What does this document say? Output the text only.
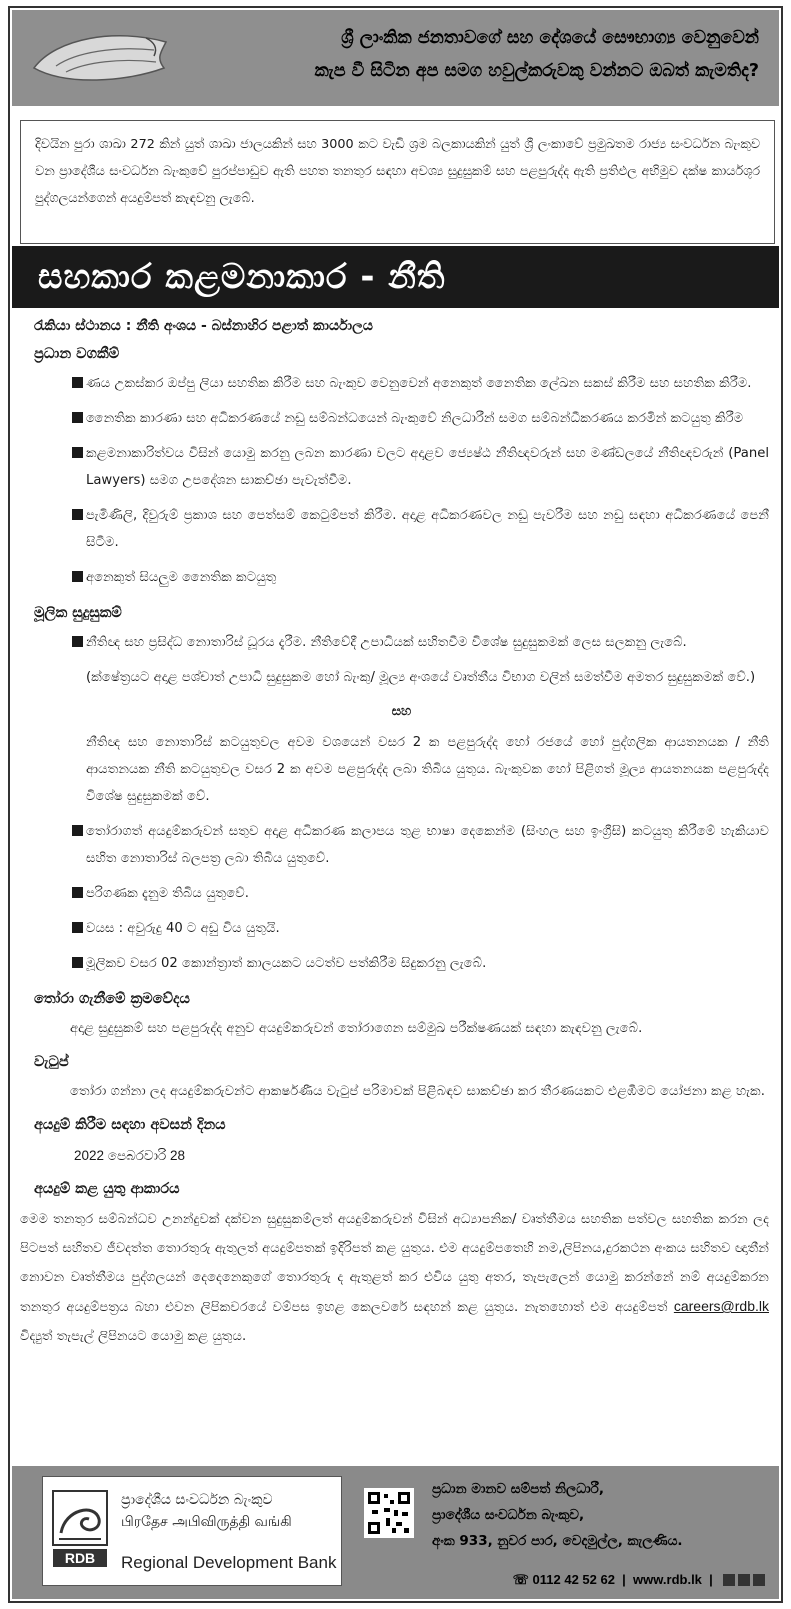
ශ්‍රී ලාංකික ජනතාවගේ සහ දේශයේ සෞභාග්‍ය වෙනුවෙන්
කැප වී සිටින අප සමග හවුල්කරුවකු වන්නට ඔබත් කැමතිද?
දිවයින පුරා ශාඛා 272 කින් යුත් ශාඛා ජාලයකින් සහ 3000 කට වැඩි ශ්‍රම බලකායකින් යුත් ශ්‍රී ලංකාවේ ප්‍රමුඛතම රාජ්‍ය සංවර්ධන බැංකුව වන ප්‍රාදේශීය සංවර්ධන බැංකුවේ පුරප්පාඩුව ඇති පහත තනතුර සඳහා අවශ්‍ය සුදුසුකම් සහ පළපුරුද්ද ඇති ප්‍රතිඵල අභිමුව දක්ෂ කාර්යශූර පුද්ගලයන්ගෙන් අයදුම්පත් කැඳවනු ලැබේ.
සහකාර කළමනාකාර - නීති
රැකියා ස්ථානය : නීති අංශය - බස්නාහිර පළාත් කාර්යාලය
ප්‍රධාන වගකීම්
ණය උකස්කර ඔප්පු ලියා සහතික කිරීම සහ බැංකුව වෙනුවෙන් අනෙකුත් නෛතික ලේඛන සකස් කිරීම සහ සහතික කිරීම.
නෛතික කාරණා සහ අධිකරණයේ නඩු සම්බන්ධයෙන් බැංකුවේ නිලධාරීන් සමග සම්බන්ධීකරණය කරමින් කටයුතු කිරීම
කළමනාකාරිත්වය විසින් යොමු කරනු ලබන කාරණා වලට අදාළව ජ්‍යෙෂ්ඨ නීතිඥවරුන් සහ මණ්ඩලයේ නීතිඥවරුන් (Panel Lawyers) සමග උපදේශන සාකච්ඡා පැවැත්වීම.
පැමිණිලි, දිවුරුම් ප්‍රකාශ සහ පෙත්සම් කෙටුම්පත් කිරීම. අදාළ අධිකරණවල නඩු පැවරීම සහ නඩු සඳහා අධිකරණයේ පෙනී සිටීම.
අනෙකුත් සියලුම නෛතික කටයුතු
මූලික සුදුසුකම්
නීතිඥ සහ ප්‍රසිද්ධ නොතාරිස් ධූරය දැරීම. නීතිවේදී උපාධියක් සහිතවීම විශේෂ සුදුසුකමක් ලෙස සලකනු ලැබේ.
(ක්ෂේත්‍රයට අදාළ පශ්චාත් උපාධි සුදුසුකම හෝ බැංකු/ මූල්‍ය අංශයේ වෘත්තීය විභාග වලින් සමත්වීම අමතර සුදුසුකමක් වේ.)
සහ
නීතිඥ සහ නොතාරිස් කටයුතුවල අවම වශයෙන් වසර 2 ක පළපුරුද්ද හෝ රජයේ හෝ පුද්ගලික ආයතනයක / නීති ආයතනයක නීති කටයුතුවල වසර 2 ක අවම පළපුරුද්ද ලබා තිබිය යුතුය. බැංකුවක හෝ පිළිගත් මූල්‍ය ආයතනයක පළපුරුද්ද විශේෂ සුදුසුකමක් වේ.
තෝරාගත් අයදුම්කරුවන් සතුව අදාළ අධිකරණ කලාපය තුළ භාෂා දෙකෙන්ම (සිංහල සහ ඉංග්‍රීසි) කටයුතු කිරීමේ හැකියාව සහිත නොතාරිස් බලපත්‍ර ලබා තිබිය යුතුවේ.
පරිගණක දැනුම තිබිය යුතුවේ.
වයස : අවුරුදු 40 ට අඩු විය යුතුයි.
මූලිකව වසර 02 කොන්ත්‍රාත් කාලයකට යටත්ව පත්කිරීම සිදුකරනු ලැබේ.
තෝරා ගැනීමේ ක්‍රමවේදය
අදාළ සුදුසුකම් සහ පළපුරුද්ද අනුව අයදුම්කරුවන් තෝරාගෙන සම්මුඛ පරීක්ෂණයක් සඳහා කැඳවනු ලැබේ.
වැටුප්
තෝරා ගන්නා ලද අයදුම්කරුවන්ට ආකර්ෂණීය වැටුප් පරිමාවක් පිළිබඳව සාකච්ඡා කර තීරණයකට එළඹීමට යෝජනා කළ හැක.
අයදුම් කිරීම සඳහා අවසන් දිනය
2022 පෙබරවාරි 28
අයදුම් කළ යුතු ආකාරය
මෙම තනතුර සම්බන්ධව උනන්දුවක් දක්වන සුදුසුකම්ලත් අයදුම්කරුවන් විසින් අධ්‍යාපනික/ වෘත්තීමය සහතික පත්වල සහතික කරන ලද පිටපත් සහිතව ජීවදත්ත තොරතුරු ඇතුලත් අයදුම්පතක් ඉදිරිපත් කළ යුතුය. එම අයදුම්පතෙහි නම,ලිපිනය,දුරකථන අංකය සහිතව ඥාතීන් නොවන වෘත්තීමය පුද්ගලයන් දෙදෙනෙකුගේ තොරතුරු ද ඇතුළත් කර එවිය යුතු අතර, තැපැලෙන් යොමු කරන්නේ නම් අයදුම්කරන තනතුර අයදුම්පත්‍රය බහා එවන ලිපිකවරයේ වම්පස ඉහළ කෙලවරේ සඳහන් කළ යුතුය. නැතහොත් එම අයදුම්පත් careers@rdb.lk විද්‍යුත් තැපැල් ලිපිනයට යොමු කළ යුතුය.
RDB
ප්‍රාදේශීය සංවර්ධන බැංකුව
பிரதேச அபிவிருத்தி வங்கி
Regional Development Bank
ප්‍රධාන මානව සම්පත් නිලධාරී,
ප්‍රාදේශීය සංවර්ධන බැංකුව,
අංක 933, නුවර පාර, වෙදමුල්ල, කැලණිය.
☏ 0112 42 52 62  |  www.rdb.lk  |
